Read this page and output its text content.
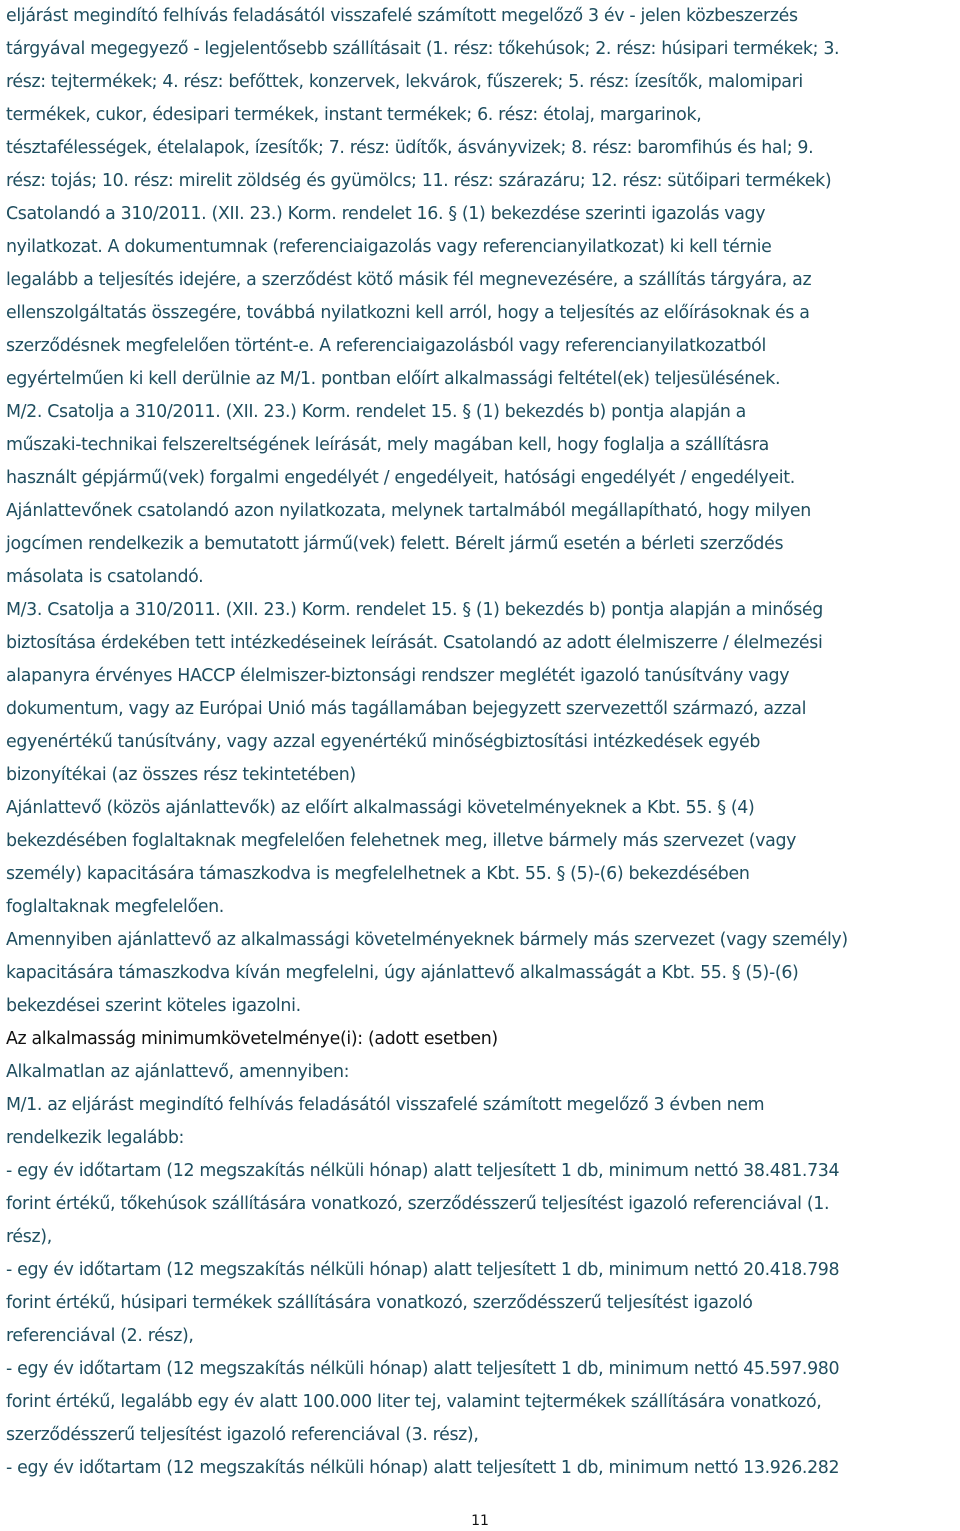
eljárást megindító felhívás feladásától visszafelé számított megelőző 3 év - jelen közbeszerzés
tárgyával megegyező - legjelentősebb szállításait (1. rész: tőkehúsok; 2. rész: húsipari termékek; 3.
rész: tejtermékek; 4. rész: befőttek, konzervek, lekvárok, fűszerek; 5. rész: ízesítők, malomipari
termékek, cukor, édesipari termékek, instant termékek; 6. rész: étolaj, margarinok,
tésztafélességek, ételalapok, ízesítők; 7. rész: üdítők, ásványvizek; 8. rész: baromfihús és hal; 9.
rész: tojás; 10. rész: mirelit zöldség és gyümölcs; 11. rész: szárazáru; 12. rész: sütőipari termékek)
Csatolandó a 310/2011. (XII. 23.) Korm. rendelet 16. § (1) bekezdése szerinti igazolás vagy
nyilatkozat. A dokumentumnak (referenciaigazolás vagy referencianyilatkozat) ki kell térnie
legalább a teljesítés idejére, a szerződést kötő másik fél megnevezésére, a szállítás tárgyára, az
ellenszolgáltatás összegére, továbbá nyilatkozni kell arról, hogy a teljesítés az előírásoknak és a
szerződésnek megfelelően történt-e. A referenciaigazolásból vagy referencianyilatkozatból
egyértelműen ki kell derülnie az M/1. pontban előírt alkalmassági feltétel(ek) teljesülésének.
M/2. Csatolja a 310/2011. (XII. 23.) Korm. rendelet 15. § (1) bekezdés b) pontja alapján a
műszaki-technikai felszereltségének leírását, mely magában kell, hogy foglalja a szállításra
használt gépjármű(vek) forgalmi engedélyét / engedélyeit, hatósági engedélyét / engedélyeit.
Ajánlattevőnek csatolandó azon nyilatkozata, melynek tartalmából megállapítható, hogy milyen
jogcímen rendelkezik a bemutatott jármű(vek) felett. Bérelt jármű esetén a bérleti szerződés
másolata is csatolandó.
M/3. Csatolja a 310/2011. (XII. 23.) Korm. rendelet 15. § (1) bekezdés b) pontja alapján a minőség
biztosítása érdekében tett intézkedéseinek leírását. Csatolandó az adott élelmiszerre / élelmezési
alapanyra érvényes HACCP élelmiszer-biztonsági rendszer meglétét igazoló tanúsítvány vagy
dokumentum, vagy az Európai Unió más tagállamában bejegyzett szervezettől származó, azzal
egyenértékű tanúsítvány, vagy azzal egyenértékű minőségbiztosítási intézkedések egyéb
bizonyítékai (az összes rész tekintetében)
Ajánlattevő (közös ajánlattevők) az előírt alkalmassági követelményeknek a Kbt. 55. § (4)
bekezdésében foglaltaknak megfelelően felehetnek meg, illetve bármely más szervezet (vagy
személy) kapacitására támaszkodva is megfelelhetnek a Kbt. 55. § (5)-(6) bekezdésében
foglaltaknak megfelelően.
Amennyiben ajánlattevő az alkalmassági követelményeknek bármely más szervezet (vagy személy)
kapacitására támaszkodva kíván megfelelni, úgy ajánlattevő alkalmasságát a Kbt. 55. § (5)-(6)
bekezdései szerint köteles igazolni.
Az alkalmasság minimumkövetelménye(i): (adott esetben)
Alkalmatlan az ajánlattevő, amennyiben:
M/1. az eljárást megindító felhívás feladásától visszafelé számított megelőző 3 évben nem
rendelkezik legalább:
- egy év időtartam (12 megszakítás nélküli hónap) alatt teljesített 1 db, minimum nettó 38.481.734
forint értékű, tőkehúsok szállítására vonatkozó, szerződésszerű teljesítést igazoló referenciával (1.
rész),
- egy év időtartam (12 megszakítás nélküli hónap) alatt teljesített 1 db, minimum nettó 20.418.798
forint értékű, húsipari termékek szállítására vonatkozó, szerződésszerű teljesítést igazoló
referenciával (2. rész),
- egy év időtartam (12 megszakítás nélküli hónap) alatt teljesített 1 db, minimum nettó 45.597.980
forint értékű, legalább egy év alatt 100.000 liter tej, valamint tejtermékek szállítására vonatkozó,
szerződésszerű teljesítést igazoló referenciával (3. rész),
- egy év időtartam (12 megszakítás nélküli hónap) alatt teljesített 1 db, minimum nettó 13.926.282
11
